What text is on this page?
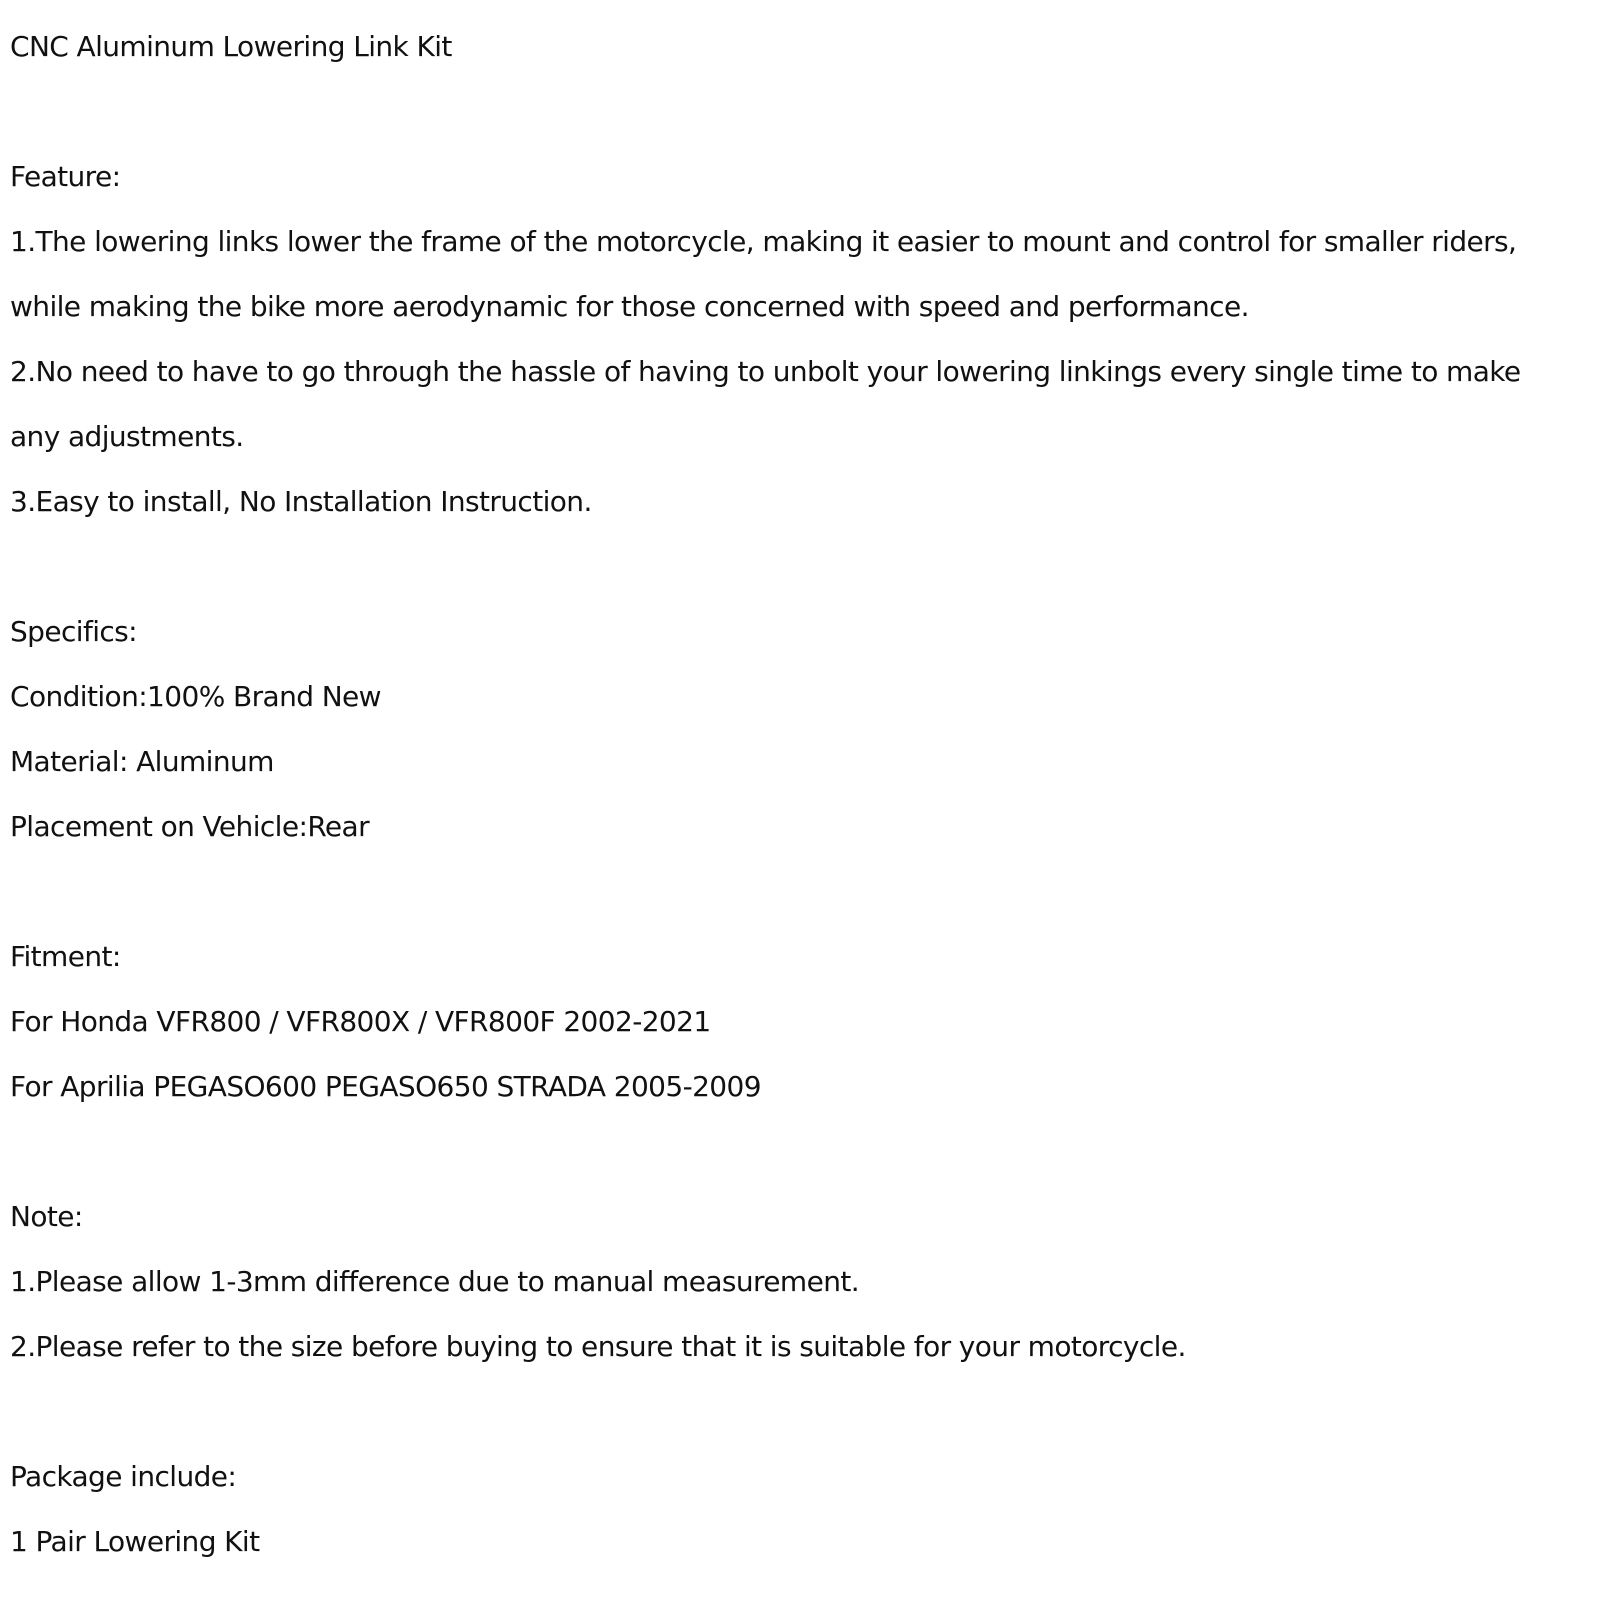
CNC Aluminum Lowering Link Kit
Feature:
1.The lowering links lower the frame of the motorcycle, making it easier to mount and control for smaller riders,
while making the bike more aerodynamic for those concerned with speed and performance.
2.No need to have to go through the hassle of having to unbolt your lowering linkings every single time to make
any adjustments.
3.Easy to install, No Installation Instruction.
Specifics:
Condition:100% Brand New
Material: Aluminum
Placement on Vehicle:Rear
Fitment:
For Honda VFR800 / VFR800X / VFR800F 2002-2021
For Aprilia PEGASO600 PEGASO650 STRADA 2005-2009
Note:
1.Please allow 1-3mm difference due to manual measurement.
2.Please refer to the size before buying to ensure that it is suitable for your motorcycle.
Package include:
1 Pair Lowering Kit
